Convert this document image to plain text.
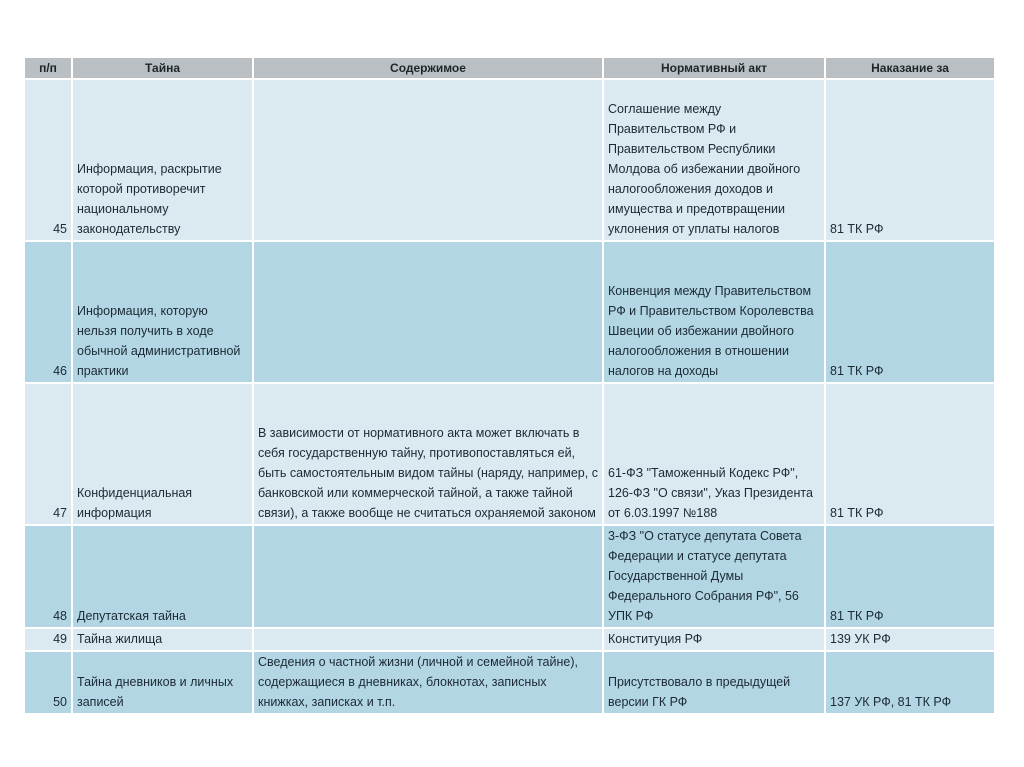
п/п	Тайна	Содержимое	Нормативный акт	Наказание за
45	Информация, раскрытие которой противоречит национальному законодательству		Соглашение между Правительством РФ и Правительством Республики Молдова об избежании двойного налогообложения доходов и имущества и предотвращении уклонения от уплаты налогов	81 ТК РФ
46	Информация, которую нельзя получить в ходе обычной административной практики		Конвенция между Правительством РФ и Правительством Королевства Швеции об избежании двойного налогообложения в отношении налогов на доходы	81 ТК РФ
47	Конфиденциальная информация	В зависимости от нормативного акта может включать в себя государственную тайну, противопоставляться ей, быть самостоятельным видом тайны (наряду, например, с банковской или коммерческой тайной, а также тайной связи), а также вообще не считаться охраняемой законом	61-ФЗ "Таможенный Кодекс РФ", 126-ФЗ "О связи", Указ Президента от 6.03.1997 №188	81 ТК РФ
48	Депутатская тайна		3-ФЗ "О статусе депутата Совета Федерации и статусе депутата Государственной Думы Федерального Собрания РФ", 56 УПК РФ	81 ТК РФ
49	Тайна жилища		Конституция РФ	139 УК РФ
50	Тайна дневников и личных записей	Сведения о частной жизни (личной и семейной тайне), содержащиеся в дневниках, блокнотах, записных книжках, записках и т.п.	Присутствовало в предыдущей версии ГК РФ	137 УК РФ, 81 ТК РФ
